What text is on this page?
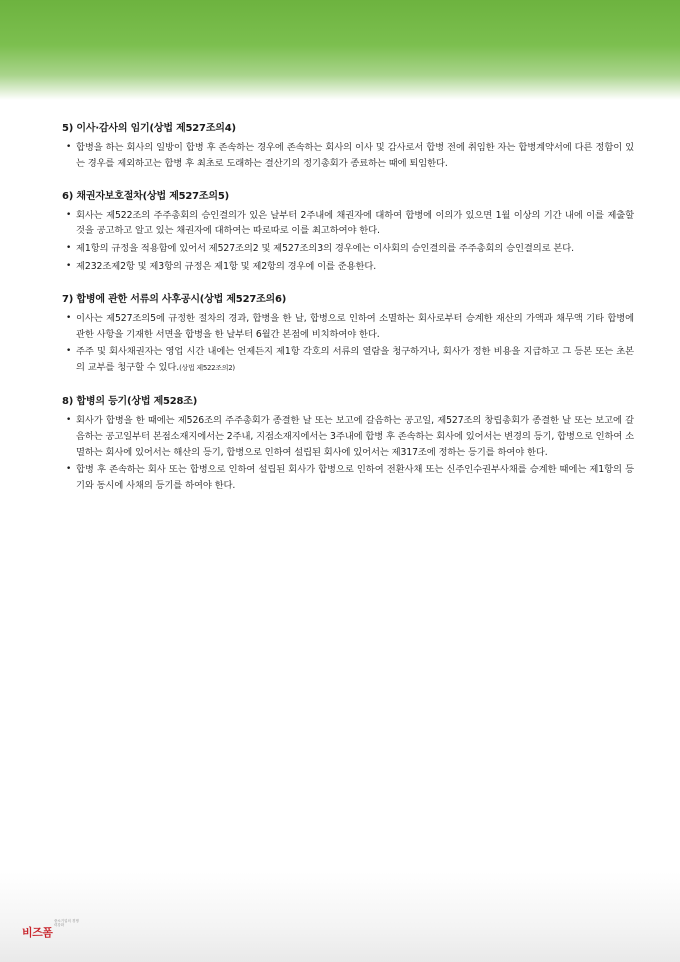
5) 이사·감사의 임기(상법 제527조의4)
• 합병을 하는 회사의 일방이 합병 후 존속하는 경우에 존속하는 회사의 이사 및 감사로서 합병 전에 취임한 자는 합병계약서에 다른 정함이 있는 경우를 제외하고는 합병 후 최초로 도래하는 결산기의 정기총회가 종료하는 때에 퇴임한다.
6) 채권자보호절차(상법 제527조의5)
• 회사는 제522조의 주주총회의 승인결의가 있은 날부터 2주내에 채권자에 대하여 합병에 이의가 있으면 1월 이상의 기간 내에 이를 제출할 것을 공고하고 알고 있는 채권자에 대하여는 따로따로 이를 최고하여야 한다.
• 제1항의 규정을 적용함에 있어서 제527조의2 및 제527조의3의 경우에는 이사회의 승인결의를 주주총회의 승인결의로 본다.
• 제232조제2항 및 제3항의 규정은 제1항 및 제2항의 경우에 이를 준용한다.
7) 합병에 관한 서류의 사후공시(상법 제527조의6)
• 이사는 제527조의5에 규정한 절차의 경과, 합병을 한 날, 합병으로 인하여 소멸하는 회사로부터 승계한 재산의 가액과 채무액 기타 합병에 관한 사항을 기재한 서면을 합병을 한 날부터 6월간 본점에 비치하여야 한다.
• 주주 및 회사채권자는 영업 시간 내에는 언제든지 제1항 각호의 서류의 열람을 청구하거나, 회사가 정한 비용을 지급하고 그 등본 또는 초본의 교부를 청구할 수 있다.(상법 제522조의2)
8) 합병의 등기(상법 제528조)
• 회사가 합병을 한 때에는 제526조의 주주총회가 종결한 날 또는 보고에 갈음하는 공고일, 제527조의 창립총회가 종결한 날 또는 보고에 갈음하는 공고일부터 본점소재지에서는 2주내, 지점소재지에서는 3주내에 합병 후 존속하는 회사에 있어서는 변경의 등기, 합병으로 인하여 소멸하는 회사에 있어서는 해산의 등기, 합병으로 인하여 설립된 회사에 있어서는 제317조에 정하는 등기를 하여야 한다.
• 합병 후 존속하는 회사 또는 합병으로 인하여 설립된 회사가 합병으로 인하여 전환사채 또는 신주인수권부사채를 승계한 때에는 제1항의 등기와 동시에 사채의 등기를 하여야 한다.
중소기업의 경쟁력강화
비즈폼
